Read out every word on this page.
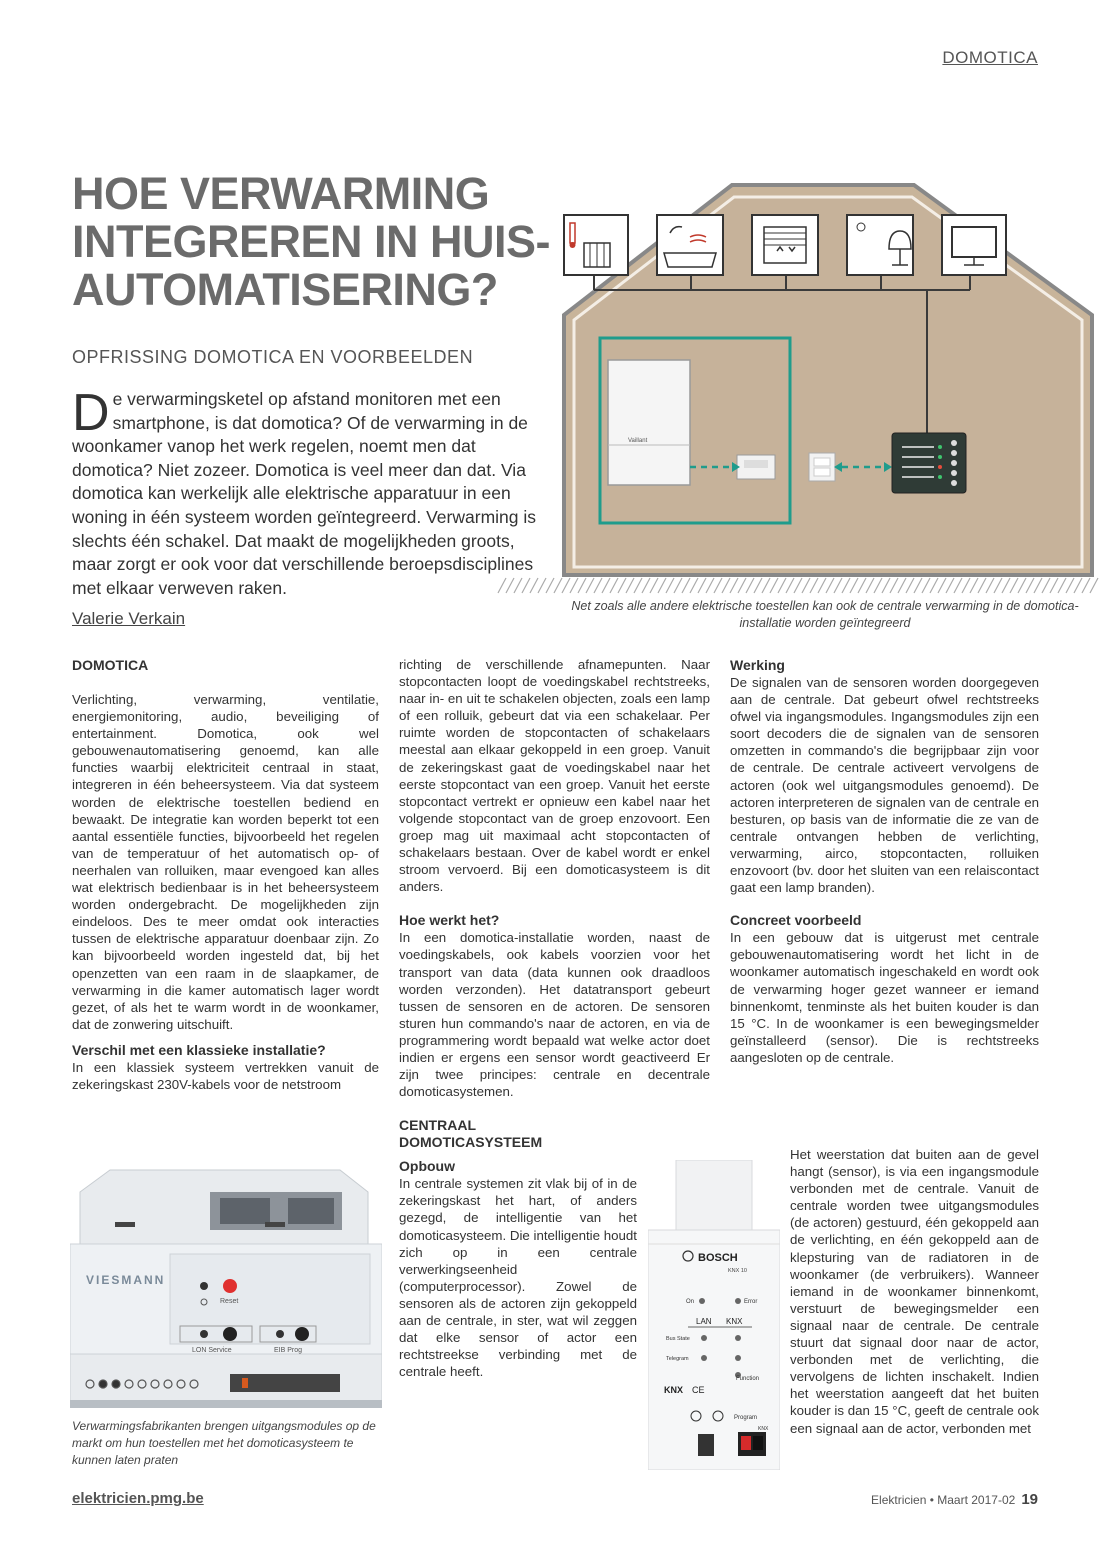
DOMOTICA
HOE VERWARMING
INTEGREREN IN HUIS-
AUTOMATISERING?
OPFRISSING DOMOTICA EN VOORBEELDEN
De verwarmingsketel op afstand monitoren met een smartphone, is dat domotica? Of de verwarming in de woonkamer vanop het werk regelen, noemt men dat domotica? Niet zozeer. Domotica is veel meer dan dat. Via domotica kan werkelijk alle elektrische apparatuur in een woning in één systeem worden geïntegreerd. Verwarming is slechts één schakel. Dat maakt de mogelijkheden groots, maar zorgt er ook voor dat verschillende beroepsdisciplines met elkaar verweven raken.
Valerie Verkain
Vaillant
Net zoals alle andere elektrische toestellen kan ook de centrale verwarming in de domotica-installatie worden geïntegreerd
DOMOTICA

Verlichting, verwarming, ventilatie, energiemonitoring, audio, beveiliging of entertainment. Domotica, ook wel gebouwenautomatisering genoemd, kan alle functies waarbij elektriciteit centraal in staat, integreren in één beheersysteem. Via dat systeem worden de elektrische toestellen bediend en bewaakt. De integratie kan worden beperkt tot een aantal essentiële functies, bijvoorbeeld het regelen van de temperatuur of het automatisch op- of neerhalen van rolluiken, maar evengoed kan alles wat elektrisch bedienbaar is in het beheersysteem worden ondergebracht. De mogelijkheden zijn eindeloos. Des te meer omdat ook interacties tussen de elektrische apparatuur doenbaar zijn. Zo kan bijvoorbeeld worden ingesteld dat, bij het openzetten van een raam in de slaapkamer, de verwarming in die kamer automatisch lager wordt gezet, of als het te warm wordt in de woonkamer, dat de zonwering uitschuift.

Verschil met een klassieke installatie?

In een klassiek systeem vertrekken vanuit de zekeringskast 230V-kabels voor de netstroom

VIESMANN
Reset
LON Service	EIB Prog
Verwarmingsfabrikanten brengen uitgangsmodules op de markt om hun toestellen met het domoticasysteem te kunnen laten praten

richting de verschillende afnamepunten. Naar stopcontacten loopt de voedingskabel rechtstreeks, naar in- en uit te schakelen objecten, zoals een lamp of een rolluik, gebeurt dat via een schakelaar. Per ruimte worden de stopcontacten of schakelaars meestal aan elkaar gekoppeld in een groep. Vanuit de zekeringskast gaat de voedingskabel naar het eerste stopcontact van een groep. Vanuit het eerste stopcontact vertrekt er opnieuw een kabel naar het volgende stopcontact van de groep enzovoort. Een groep mag uit maximaal acht stopcontacten of schakelaars bestaan. Over de kabel wordt er enkel stroom vervoerd. Bij een domoticasysteem is dit anders.

Hoe werkt het?

In een domotica-installatie worden, naast de voedingskabels, ook kabels voorzien voor het transport van data (data kunnen ook draadloos worden verzonden). Het datatransport gebeurt tussen de sensoren en de actoren. De sensoren sturen hun commando's naar de actoren, en via de programmering wordt bepaald wat welke actor doet indien er ergens een sensor wordt geactiveerd Er zijn twee principes: centrale en decentrale domoticasystemen.

CENTRAAL DOMOTICASYSTEEM
Opbouw

In centrale systemen zit vlak bij of in de zekeringskast het hart, of anders gezegd, de intelligentie van het domoticasysteem. Die intelligentie houdt zich op in een centrale verwerkingseenheid (computerprocessor). Zowel de sensoren als de actoren zijn gekoppeld aan de centrale, in ster, wat wil zeggen dat elke sensor of actor een rechtstreekse verbinding met de centrale heeft.

BOSCH
KNX 10
On	Error
LAN KNX
Bus State
Telegram
Function
KNX CE
Program
KNX
Werking

De signalen van de sensoren worden doorgegeven aan de centrale. Dat gebeurt ofwel rechtstreeks ofwel via ingangsmodules. Ingangsmodules zijn een soort decoders die de signalen van de sensoren omzetten in commando's die begrijpbaar zijn voor de centrale. De centrale activeert vervolgens de actoren (ook wel uitgangsmodules genoemd). De actoren interpreteren de signalen van de centrale en besturen, op basis van de informatie die ze van de centrale ontvangen hebben de verlichting, verwarming, airco, stopcontacten, rolluiken enzovoort (bv. door het sluiten van een relaiscontact gaat een lamp branden).

Concreet voorbeeld

In een gebouw dat is uitgerust met centrale gebouwenautomatisering wordt het licht in de woonkamer automatisch ingeschakeld en wordt ook de verwarming hoger gezet wanneer er iemand binnenkomt, tenminste als het buiten kouder is dan 15 °C. In de woonkamer is een bewegingsmelder geïnstalleerd (sensor). Die is rechtstreeks aangesloten op de centrale.

Het weerstation dat buiten aan de gevel hangt (sensor), is via een ingangsmodule verbonden met de centrale. Vanuit de centrale worden twee uitgangsmodules (de actoren) gestuurd, één gekoppeld aan de verlichting, en één gekoppeld aan de klepsturing van de radiatoren in de woonkamer (de verbruikers). Wanneer iemand in de woonkamer binnenkomt, verstuurt de bewegingsmelder een signaal naar de centrale. De centrale stuurt dat signaal door naar de actor, verbonden met de verlichting, die vervolgens de lichten inschakelt. Indien het weerstation aangeeft dat het buiten kouder is dan 15 °C, geeft de centrale ook een signaal aan de actor, verbonden met

elektricien.pmg.be	Elektricien • Maart 2017-02 19
